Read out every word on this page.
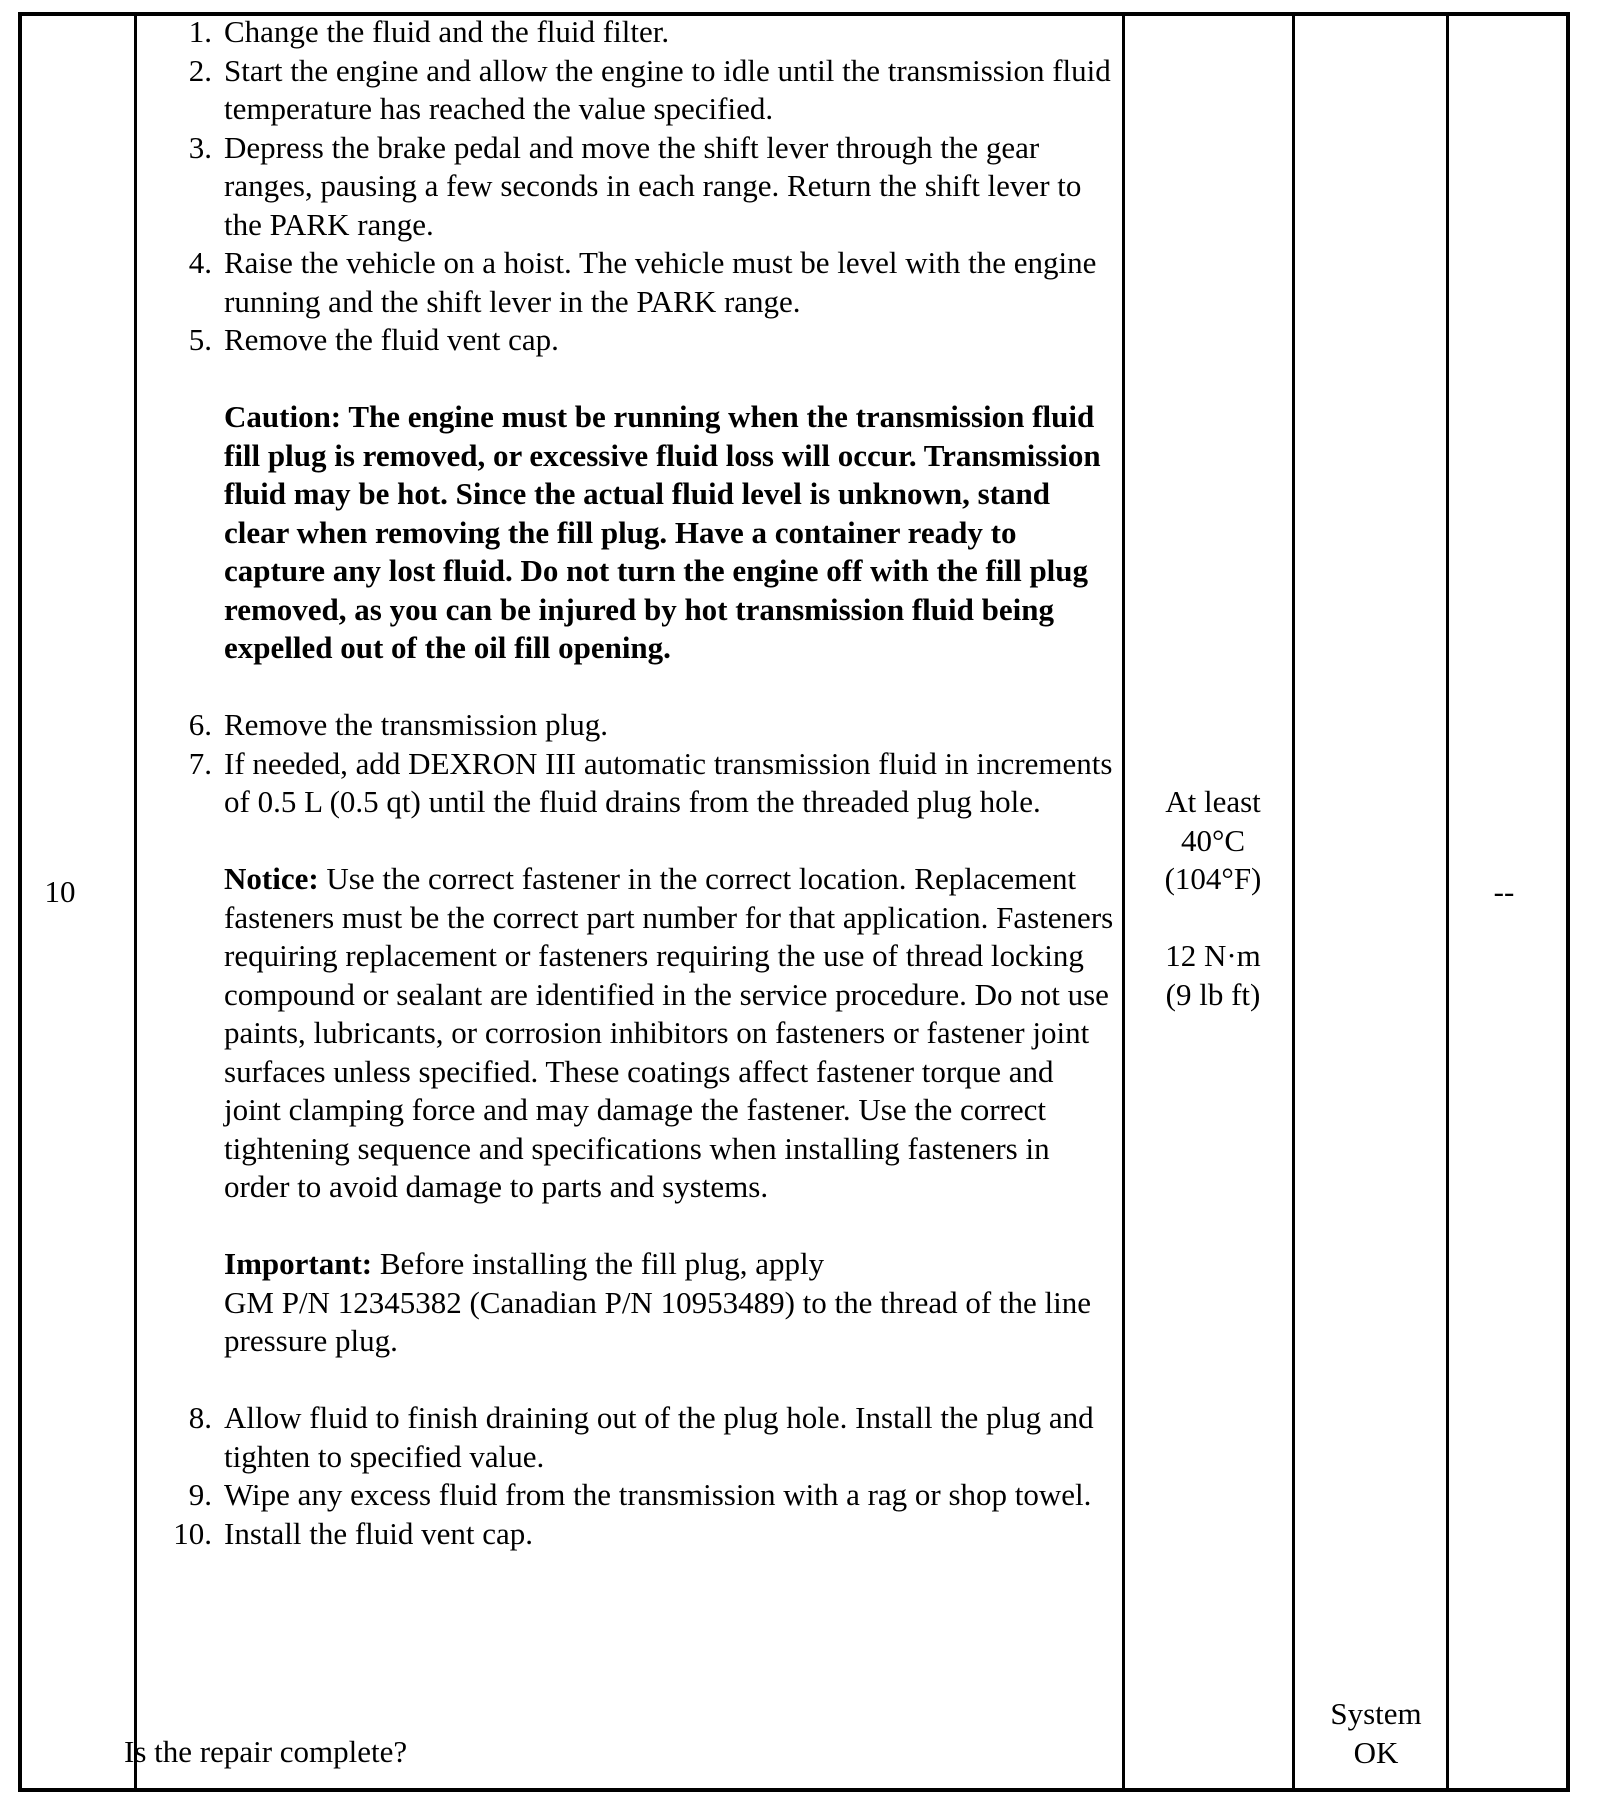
10
1. Change the fluid and the fluid filter.
2. Start the engine and allow the engine to idle until the transmission fluid temperature has reached the value specified.
3. Depress the brake pedal and move the shift lever through the gear ranges, pausing a few seconds in each range. Return the shift lever to the PARK range.
4. Raise the vehicle on a hoist. The vehicle must be level with the engine running and the shift lever in the PARK range.
5. Remove the fluid vent cap.
Caution: The engine must be running when the transmission fluid fill plug is removed, or excessive fluid loss will occur. Transmission fluid may be hot. Since the actual fluid level is unknown, stand clear when removing the fill plug. Have a container ready to capture any lost fluid. Do not turn the engine off with the fill plug removed, as you can be injured by hot transmission fluid being expelled out of the oil fill opening.
6. Remove the transmission plug.
7. If needed, add DEXRON III automatic transmission fluid in increments of 0.5 L (0.5 qt) until the fluid drains from the threaded plug hole.
Notice: Use the correct fastener in the correct location. Replacement fasteners must be the correct part number for that application. Fasteners requiring replacement or fasteners requiring the use of thread locking compound or sealant are identified in the service procedure. Do not use paints, lubricants, or corrosion inhibitors on fasteners or fastener joint surfaces unless specified. These coatings affect fastener torque and joint clamping force and may damage the fastener. Use the correct tightening sequence and specifications when installing fasteners in order to avoid damage to parts and systems.
Important: Before installing the fill plug, apply
GM P/N 12345382 (Canadian P/N 10953489) to the thread of the line pressure plug.
8. Allow fluid to finish draining out of the plug hole. Install the plug and tighten to specified value.
9. Wipe any excess fluid from the transmission with a rag or shop towel.
10. Install the fluid vent cap.
Is the repair complete?
At least
40°C
(104°F)
12 N·m
(9 lb ft)
System
OK
--
